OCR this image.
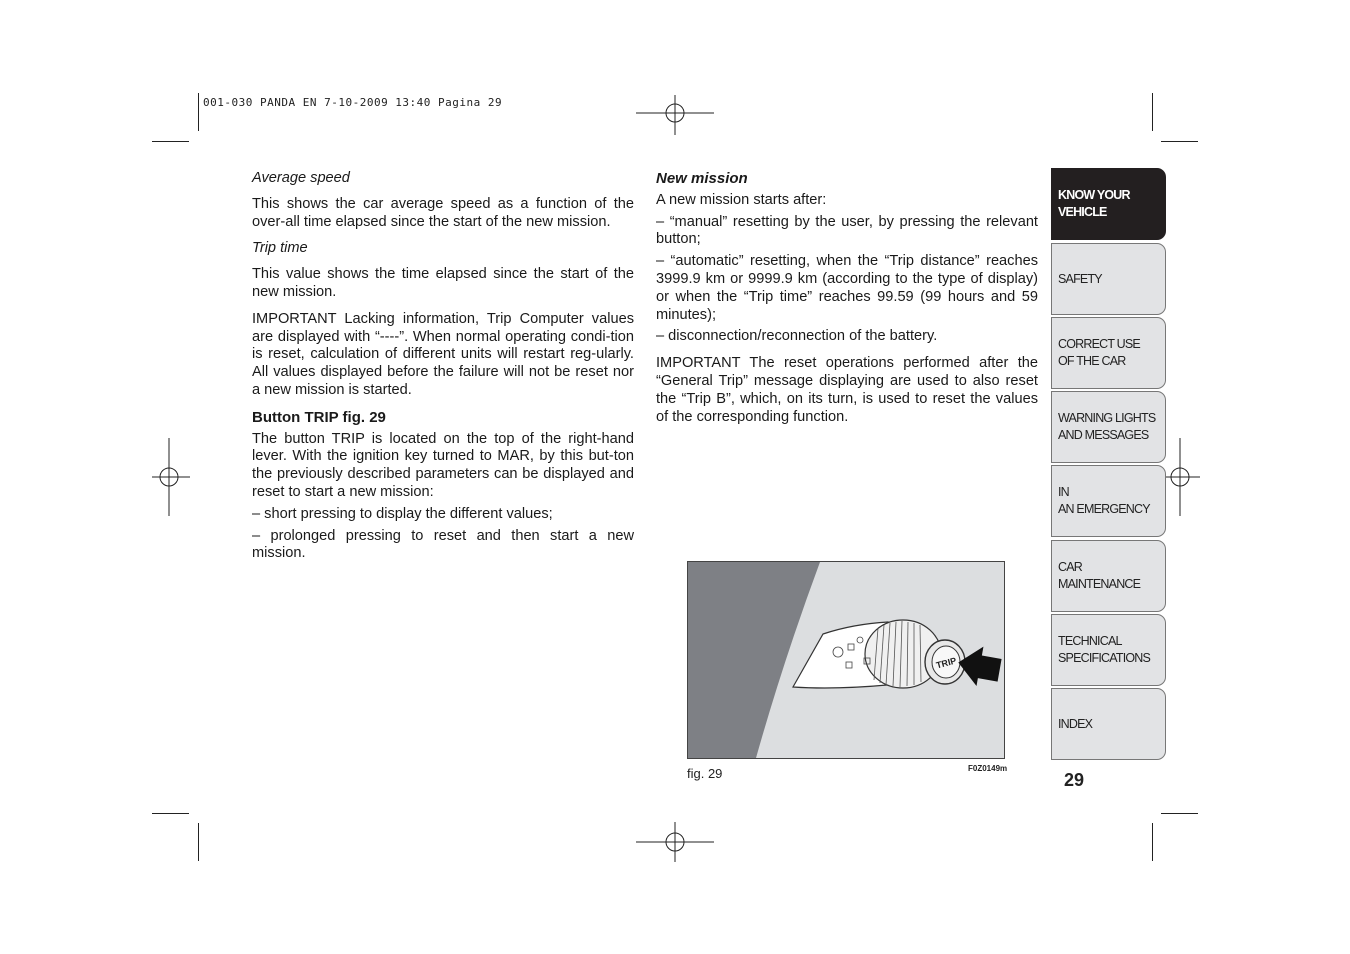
001-030 PANDA EN 7-10-2009 13:40 Pagina 29

Average speed

This shows the car average speed as a function of the over-all time elapsed since the start of the new mission.

Trip time

This value shows the time elapsed since the start of the new mission.

IMPORTANT Lacking information, Trip Computer values are displayed with “----”. When normal operating condi-tion is reset, calculation of different units will restart reg-ularly. All values displayed before the failure will not be reset nor a new mission is started.

Button TRIP fig. 29

The button TRIP is located on the top of the right-hand lever. With the ignition key turned to MAR, by this but-ton the previously described parameters can be displayed and reset to start a new mission:

– short pressing to display the different values;

– prolonged pressing to reset and then start a new mission.

New mission

A new mission starts after:

– “manual” resetting by the user, by pressing the relevant button;

– “automatic” resetting, when the “Trip distance” reaches 3999.9 km or 9999.9 km (according to the type of display) or when the “Trip time” reaches 99.59 (99 hours and 59 minutes);

– disconnection/reconnection of the battery.

IMPORTANT The reset operations performed after the “General Trip” message displaying are used to also reset the “Trip B”, which, on its turn, is used to reset the values of the corresponding function.

TRIP
fig. 29	F0Z0149m
KNOW YOUR
VEHICLE
SAFETY
CORRECT USE
OF THE CAR
WARNING LIGHTS
AND MESSAGES
IN
AN EMERGENCY
CAR
MAINTENANCE
TECHNICAL
SPECIFICATIONS
INDEX
29
